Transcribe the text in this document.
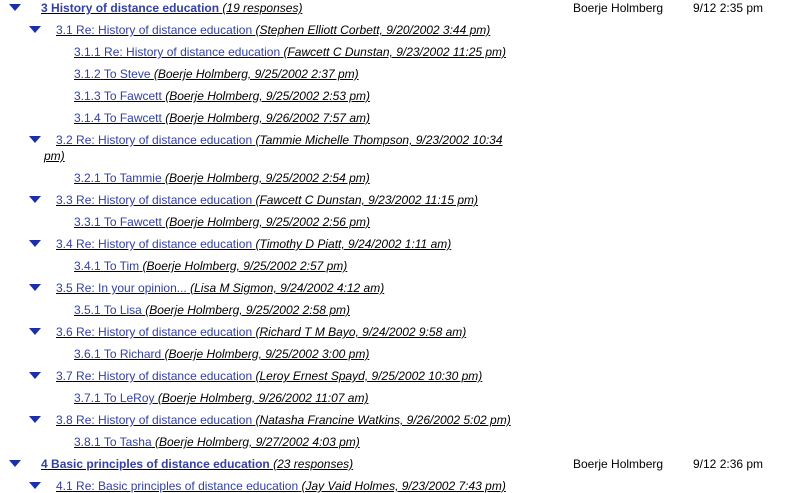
3 History of distance education (19 responses)	Boerje Holmberg 9/12 2:35 pm
3.1 Re: History of distance education (Stephen Elliott Corbett, 9/20/2002 3:44 pm)
3.1.1 Re: History of distance education (Fawcett C Dunstan, 9/23/2002 11:25 pm)
3.1.2 To Steve (Boerje Holmberg, 9/25/2002 2:37 pm)
3.1.3 To Fawcett (Boerje Holmberg, 9/25/2002 2:53 pm)
3.1.4 To Fawcett (Boerje Holmberg, 9/26/2002 7:57 am)
3.2 Re: History of distance education (Tammie Michelle Thompson, 9/23/2002 10:34
pm)
3.2.1 To Tammie (Boerje Holmberg, 9/25/2002 2:54 pm)
3.3 Re: History of distance education (Fawcett C Dunstan, 9/23/2002 11:15 pm)
3.3.1 To Fawcett (Boerje Holmberg, 9/25/2002 2:56 pm)
3.4 Re: History of distance education (Timothy D Piatt, 9/24/2002 1:11 am)
3.4.1 To Tim (Boerje Holmberg, 9/25/2002 2:57 pm)
3.5 Re: In your opinion... (Lisa M Sigmon, 9/24/2002 4:12 am)
3.5.1 To Lisa (Boerje Holmberg, 9/25/2002 2:58 pm)
3.6 Re: History of distance education (Richard T M Bayo, 9/24/2002 9:58 am)
3.6.1 To Richard (Boerje Holmberg, 9/25/2002 3:00 pm)
3.7 Re: History of distance education (Leroy Ernest Spayd, 9/25/2002 10:30 pm)
3.7.1 To LeRoy (Boerje Holmberg, 9/26/2002 11:07 am)
3.8 Re: History of distance education (Natasha Francine Watkins, 9/26/2002 5:02 pm)
3.8.1 To Tasha (Boerje Holmberg, 9/27/2002 4:03 pm)
4 Basic principles of distance education (23 responses)	Boerje Holmberg 9/12 2:36 pm
4.1 Re: Basic principles of distance education (Jay Vaid Holmes, 9/23/2002 7:43 pm)
